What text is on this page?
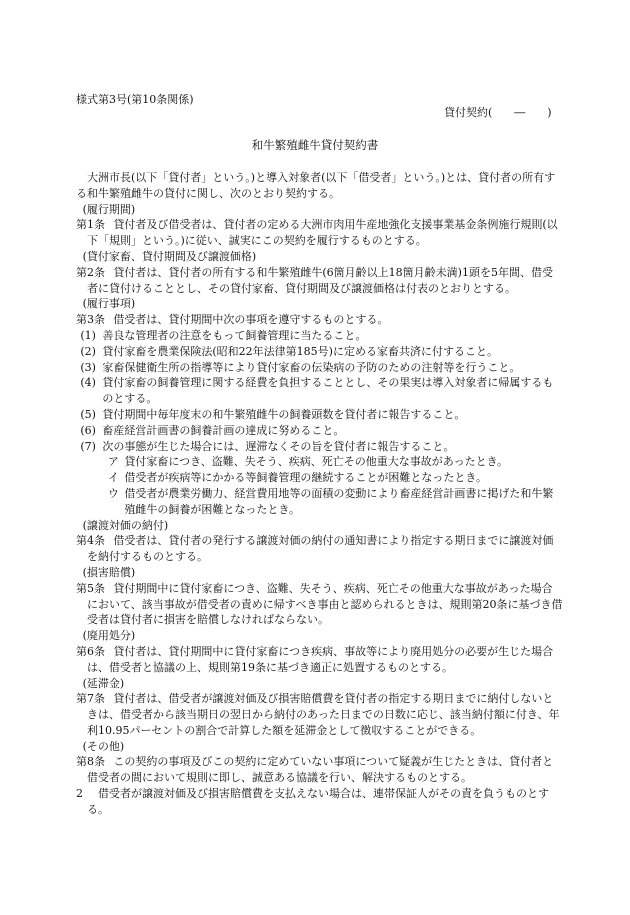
様式第3号(第10条関係)
貸付契約(　　―　　)
和牛繁殖雌牛貸付契約書

大洲市長(以下「貸付者」という。)と導入対象者(以下「借受者」という。)とは、貸付者の所有する和牛繁殖雌牛の貸付に関し、次のとおり契約する。

(履行期間)

第1条 貸付者及び借受者は、貸付者の定める大洲市肉用牛産地強化支援事業基金条例施行規則(以下「規則」という。)に従い、誠実にこの契約を履行するものとする。

(貸付家畜、貸付期間及び譲渡価格)

第2条 貸付者は、貸付者の所有する和牛繁殖雌牛(6箇月齢以上18箇月齢未満)1頭を5年間、借受者に貸付けることとし、その貸付家畜、貸付期間及び譲渡価格は付表のとおりとする。

(履行事項)

第3条 借受者は、貸付期間中次の事項を遵守するものとする。

(1) 善良な管理者の注意をもって飼養管理に当たること。

(2) 貸付家畜を農業保険法(昭和22年法律第185号)に定める家畜共済に付すること。

(3) 家畜保健衛生所の指導等により貸付家畜の伝染病の予防のための注射等を行うこと。

(4) 貸付家畜の飼養管理に関する経費を負担することとし、その果実は導入対象者に帰属するものとする。

(5) 貸付期間中毎年度末の和牛繁殖雌牛の飼養頭数を貸付者に報告すること。

(6) 畜産経営計画書の飼養計画の達成に努めること。

(7) 次の事態が生じた場合には、遅滞なくその旨を貸付者に報告すること。

ア 貸付家畜につき、盗難、失そう、疾病、死亡その他重大な事故があったとき。

イ 借受者が疾病等にかかる等飼養管理の継続することが困難となったとき。

ウ 借受者が農業労働力、経営費用地等の面積の変動により畜産経営計画書に掲げた和牛繁殖雌牛の飼養が困難となったとき。

(譲渡対価の納付)

第4条 借受者は、貸付者の発行する譲渡対価の納付の通知書により指定する期日までに譲渡対価を納付するものとする。

(損害賠償)

第5条 貸付期間中に貸付家畜につき、盗難、失そう、疾病、死亡その他重大な事故があった場合において、該当事故が借受者の責めに帰すべき事由と認められるときは、規則第20条に基づき借受者は貸付者に損害を賠償しなければならない。

(廃用処分)

第6条 貸付者は、貸付期間中に貸付家畜につき疾病、事故等により廃用処分の必要が生じた場合は、借受者と協議の上、規則第19条に基づき適正に処置するものとする。

(延滞金)

第7条 貸付者は、借受者が譲渡対価及び損害賠償費を貸付者の指定する期日までに納付しないときは、借受者から該当期日の翌日から納付のあった日までの日数に応じ、該当納付額に付き、年利10.95パーセントの割合で計算した額を延滞金として徴収することができる。

(その他)

第8条 この契約の事項及びこの契約に定めていない事項について疑義が生じたときは、貸付者と借受者の間において規則に即し、誠意ある協議を行い、解決するものとする。

2 借受者が譲渡対価及び損害賠償費を支払えない場合は、連帯保証人がその責を負うものとする。
